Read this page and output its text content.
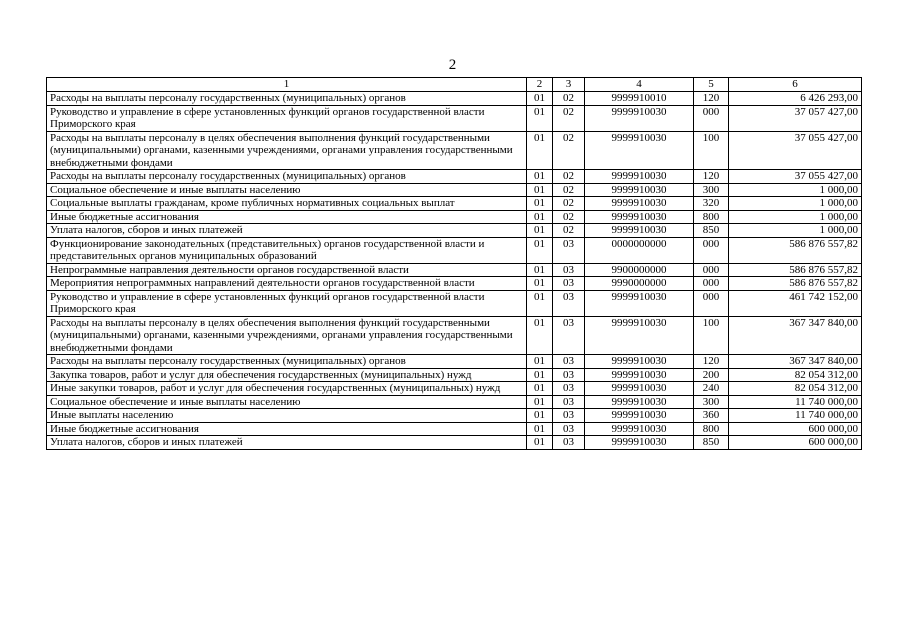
2
1	2	3	4	5	6
Расходы на выплаты персоналу государственных (муниципальных) органов	01	02	9999910010	120	6 426 293,00
Руководство и управление в сфере установленных функций органов государственной власти Приморского края	01	02	9999910030	000	37 057 427,00
Расходы на выплаты персоналу в целях обеспечения выполнения функций государственными (муниципальными) органами, казенными учреждениями, органами управления государственными внебюджетными фондами	01	02	9999910030	100	37 055 427,00
Расходы на выплаты персоналу государственных (муниципальных) органов	01	02	9999910030	120	37 055 427,00
Социальное обеспечение и иные выплаты населению	01	02	9999910030	300	1 000,00
Социальные выплаты гражданам, кроме публичных нормативных социальных выплат	01	02	9999910030	320	1 000,00
Иные бюджетные ассигнования	01	02	9999910030	800	1 000,00
Уплата налогов, сборов и иных платежей	01	02	9999910030	850	1 000,00
Функционирование законодательных (представительных) органов государственной власти и представительных органов муниципальных образований	01	03	0000000000	000	586 876 557,82
Непрограммные направления деятельности органов государственной власти	01	03	9900000000	000	586 876 557,82
Мероприятия непрограммных направлений деятельности органов государственной власти	01	03	9990000000	000	586 876 557,82
Руководство и управление в сфере установленных функций органов государственной власти Приморского края	01	03	9999910030	000	461 742 152,00
Расходы на выплаты персоналу в целях обеспечения выполнения функций государственными (муниципальными) органами, казенными учреждениями, органами управления государственными внебюджетными фондами	01	03	9999910030	100	367 347 840,00
Расходы на выплаты персоналу государственных (муниципальных) органов	01	03	9999910030	120	367 347 840,00
Закупка товаров, работ и услуг для обеспечения государственных (муниципальных) нужд	01	03	9999910030	200	82 054 312,00
Иные закупки товаров, работ и услуг для обеспечения государственных (муниципальных) нужд	01	03	9999910030	240	82 054 312,00
Социальное обеспечение и иные выплаты населению	01	03	9999910030	300	11 740 000,00
Иные выплаты населению	01	03	9999910030	360	11 740 000,00
Иные бюджетные ассигнования	01	03	9999910030	800	600 000,00
Уплата налогов, сборов и иных платежей	01	03	9999910030	850	600 000,00
